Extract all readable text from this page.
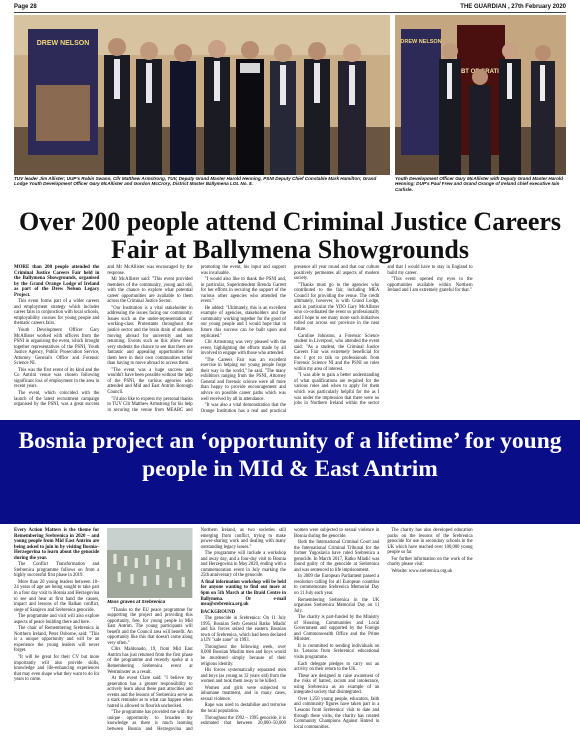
Page 28	THE GUARDIAN , 27th February 2020
DREW NELSON	DREW NELSON
GRATITUDE
TUV leader Jim Allister; UUP's Robin Swann, Cllr Matthew Armstrong, TUV, Deputy Grand Master Harold Henning, PSNI Deputy Chief Constable Mark Hamilton; Grand Lodge Youth Development Officer Gary McAllister and Gordon McCrory, District Master Ballymena LOL No. 8.
Youth Development Officer Gary McAllister with Deputy Grand Master Harold Henning; DUP's Paul Frew and Grand Orange of Ireland chief executive Iain Carlisle.
Over 200 people attend Criminal Justice Careers Fair at Ballymena Showgrounds

MORE than 200 people attended the Criminal Justice Careers Fair held in the Ballymena Showgrounds, organised by the Grand Orange Lodge of Ireland as part of the Drew Nelson Legacy Project.

This event forms part of a wider careers and employment strategy which includes career fairs in conjunction with local schools, employability courses for young people and thematic careers fairs.

Youth Development Officer Gary McAllister worked with officers from the PSNI in organising the event, which brought together representatives of the PSNI, Youth Justice Agency, Public Prosecution Service, Attorney General's Office and Forensic Science NI.

This was the first event of its kind and the Co Antrim venue was chosen following significant loss of employment in the area in recent years.

The event, which coincided with the launch of the latest recruitment campaign organised by the PSNI, was a great success and Mr McAllister was encouraged by the response.

Mr McAllister said: "This event provided members of the community, young and old, with the chance to explore what potential career opportunities are available to them across the Criminal Justice Sector.

"Our Institution is a vital stakeholder in addressing the issues facing our community. Issues such as the under-representation of working-class Protestants throughout the justice sector and the brain drain of students moving abroad for university and not returning. Events such as this allow these very students the chance to see that there are fantastic and appealing opportunities for them here in their own communities rather than having to move abroad to access them.

"The event was a huge success and wouldn't have been possible without the help of the PSNI, the various agencies who attended and Mid and East Antrim Borough Council.

"I'd also like to express my personal thanks to TUV Cllr Matthew Armstrong for his help in securing the venue from MEABC and promoting the event, his input and support was invaluable.

"I would also like to thank the PSNI and, in particular, Superintendent Brenda Garrett for her efforts in securing the support of the various other agencies who attended the event."

He added: "Ultimately, this is an excellent example of agencies, stakeholders and the community working together for the good of our young people and I would hope that in future this success can be built upon and replicated."

Cllr Armstrong was very pleased with the event, highlighting the efforts made by all involved to engage with those who attended.

"The Careers Fair was an excellent exercise in helping our young people forge their way in the world," he said. "The many exhibitors ranging from the PSNI, Attorney General and forensic science were all more than happy to provide encouragement and advice on possible career paths which was well received by all in attendance.

"It was also a vital demonstration that the Orange Institution has a real and practical presence all year round and that our culture positively permeates all aspects of modern society.

"Thanks must go to the agencies who contributed to the fair, including MEA Council for providing the venue. The credit ultimately, however, is with Grand Lodge, and in particular the YDO Gary McAllister who co-ordinated the event so professionally and I hope to see many more such initiatives rolled out across our province in the near future.

Caroline Johnston, a Forensic Science student in Liverpool, who attended the event said: "As a student, the Criminal Justice Careers Fair was extremely beneficial for me. I got to talk to professionals from Forensic Science NI and the PSNI on roles within my area of interest.

"I was able to gain a better understanding of what qualifications are required for the various roles and when to apply for them which was particularly helpful for me as I was under the impression that there were no jobs in Northern Ireland within the sector and that I would have to stay in England to build my career.

"This event opened my eyes to the opportunities available within Northern Ireland and I am extremely grateful for that."

Bosnia project an ‘opportunity of a lifetime’ for young people in MId & East Antrim

Every Action Matters is the theme for Remembering Srebrenica in 2020 – and young people from Mid East Antrim are being asked to join in by visiting Bosnia–Herzegovina to learn about the genocide during the year.

The Conflict Transformation and Srebrenica programme follows on from a highly successful first phase in 2019.

More than 20 young leaders between 18–24 years of age are being sought to take part in a four day visit to Bosnia and Herzegovina to see and hear at first hand the causes, impact and lessons of the Balkan conflict, siege of Sarajevo and Srebrenica genocide.

The programme and visit will also explore aspects of peace building there and here.

The chair of Remembering Srebrenica in Northern Ireland, Peter Osborne, said: "This is a unique opportunity and will be an experience the young leaders will never forget.

"It will be great for their CV but more importantly will also provide skills, knowledge and life-enhancing experiences that may even shape what they want to do for years to come.

Mass graves at Srebrenica

"Thanks to the EU peace programme for supporting the project and providing this opportunity, free, for young people in Mid East Antrim. The young participants will benefit and the Council area will benefit. An opportunity like this that doesn't come along very often."

Cllrs Maldonado, 19, from Mid East Antrim has just returned from the first phase of the programme and recently spoke at a Remembering Srebrenica event at Westminster as a result.

At the event Clare said: "I believe my generation has a greater responsibility to actively learn about these past atrocities and events and the lessons of Srebrenica serve as a stark reminder as to what can happen when hatred is allowed to flourish unchecked.

"The programme has provided me with the unique opportunity to broaden my knowledge as there is much learning between Bosnia and Herzegovina and Northern Ireland, as two societies still emerging from conflict, trying to make power-sharing work and dealing with many outstanding legacy issues."

The programme will include a workshop and away day, and a four-day visit to Bosnia and Herzegovina in May 2020, ending with a commemoration event in July marking the 25th anniversary of the genocide.

A final information workshop will be held for anyone wanting to find out more at 6pm on 5th March at the Braid Centre in Ballymena. Or e-mail mea@srebrenica.org.uk

BACKGROUND

The genocide in Srebrenica: On 11 July 1995, Bosnian Serb General Ratko Mladić and his forces seized the eastern Bosnian town of Srebrenica, which had been declared a UN "safe zone" in 1993.

Throughout the following week, over 8,000 Bosnian Muslim men and boys would be murdered simply because of their religious identity.

His forces systematically separated men and boys (as young as 12 years old) from the women and took them away to be killed.

Women and girls were subjected to inhumane treatment, and in many cases, sexual violence.

Rape was used to destabilise and terrorise the local population.

Throughout the 1992 – 1995 genocide, it is estimated that between 20,000–50,000 women were subjected to sexual violence in Bosnia during the genocide.

Both the International Criminal Court and the International Criminal Tribunal for the former Yugoslavia have ruled Srebrenica a genocide. In March 2017, Ratko Mladić was found guilty of the genocide at Srebrenica and was sentenced to life imprisonment.

In 2009 the European Parliament passed a resolution calling for all European countries to commemorate Srebrenica Memorial Day on 11 July each year.

Remembering Srebrenica in the UK organises Srebrenica Memorial Day on 11 July.

The charity is part-funded by the Ministry of Housing, Communities and Local Government and supported by the Foreign and Commonwealth Office and the Prime Minister.

It is committed to sending individuals on its 'Lessons from Srebrenica' educational visits programme.

Each delegate pledges to carry out an activity on their return to the UK.

These are designed to raise awareness of the risks of hatred, racism and intolerance, using Srebrenica as an example of an integrated society that disintegrated.

Over 1,250 young people, educators, faith and community figures have taken part in a 'Lessons from Srebrenica' visit to date and through these visits, the charity has created Community Champions Against Hatred in local communities.

The charity has also developed education packs on the lessons of the Srebrenica genocide for use in secondary schools in the UK which have reached over 100,000 young people so far.

For further information on the work of the charity please visit:

Website: www.srebrenica.org.uk
